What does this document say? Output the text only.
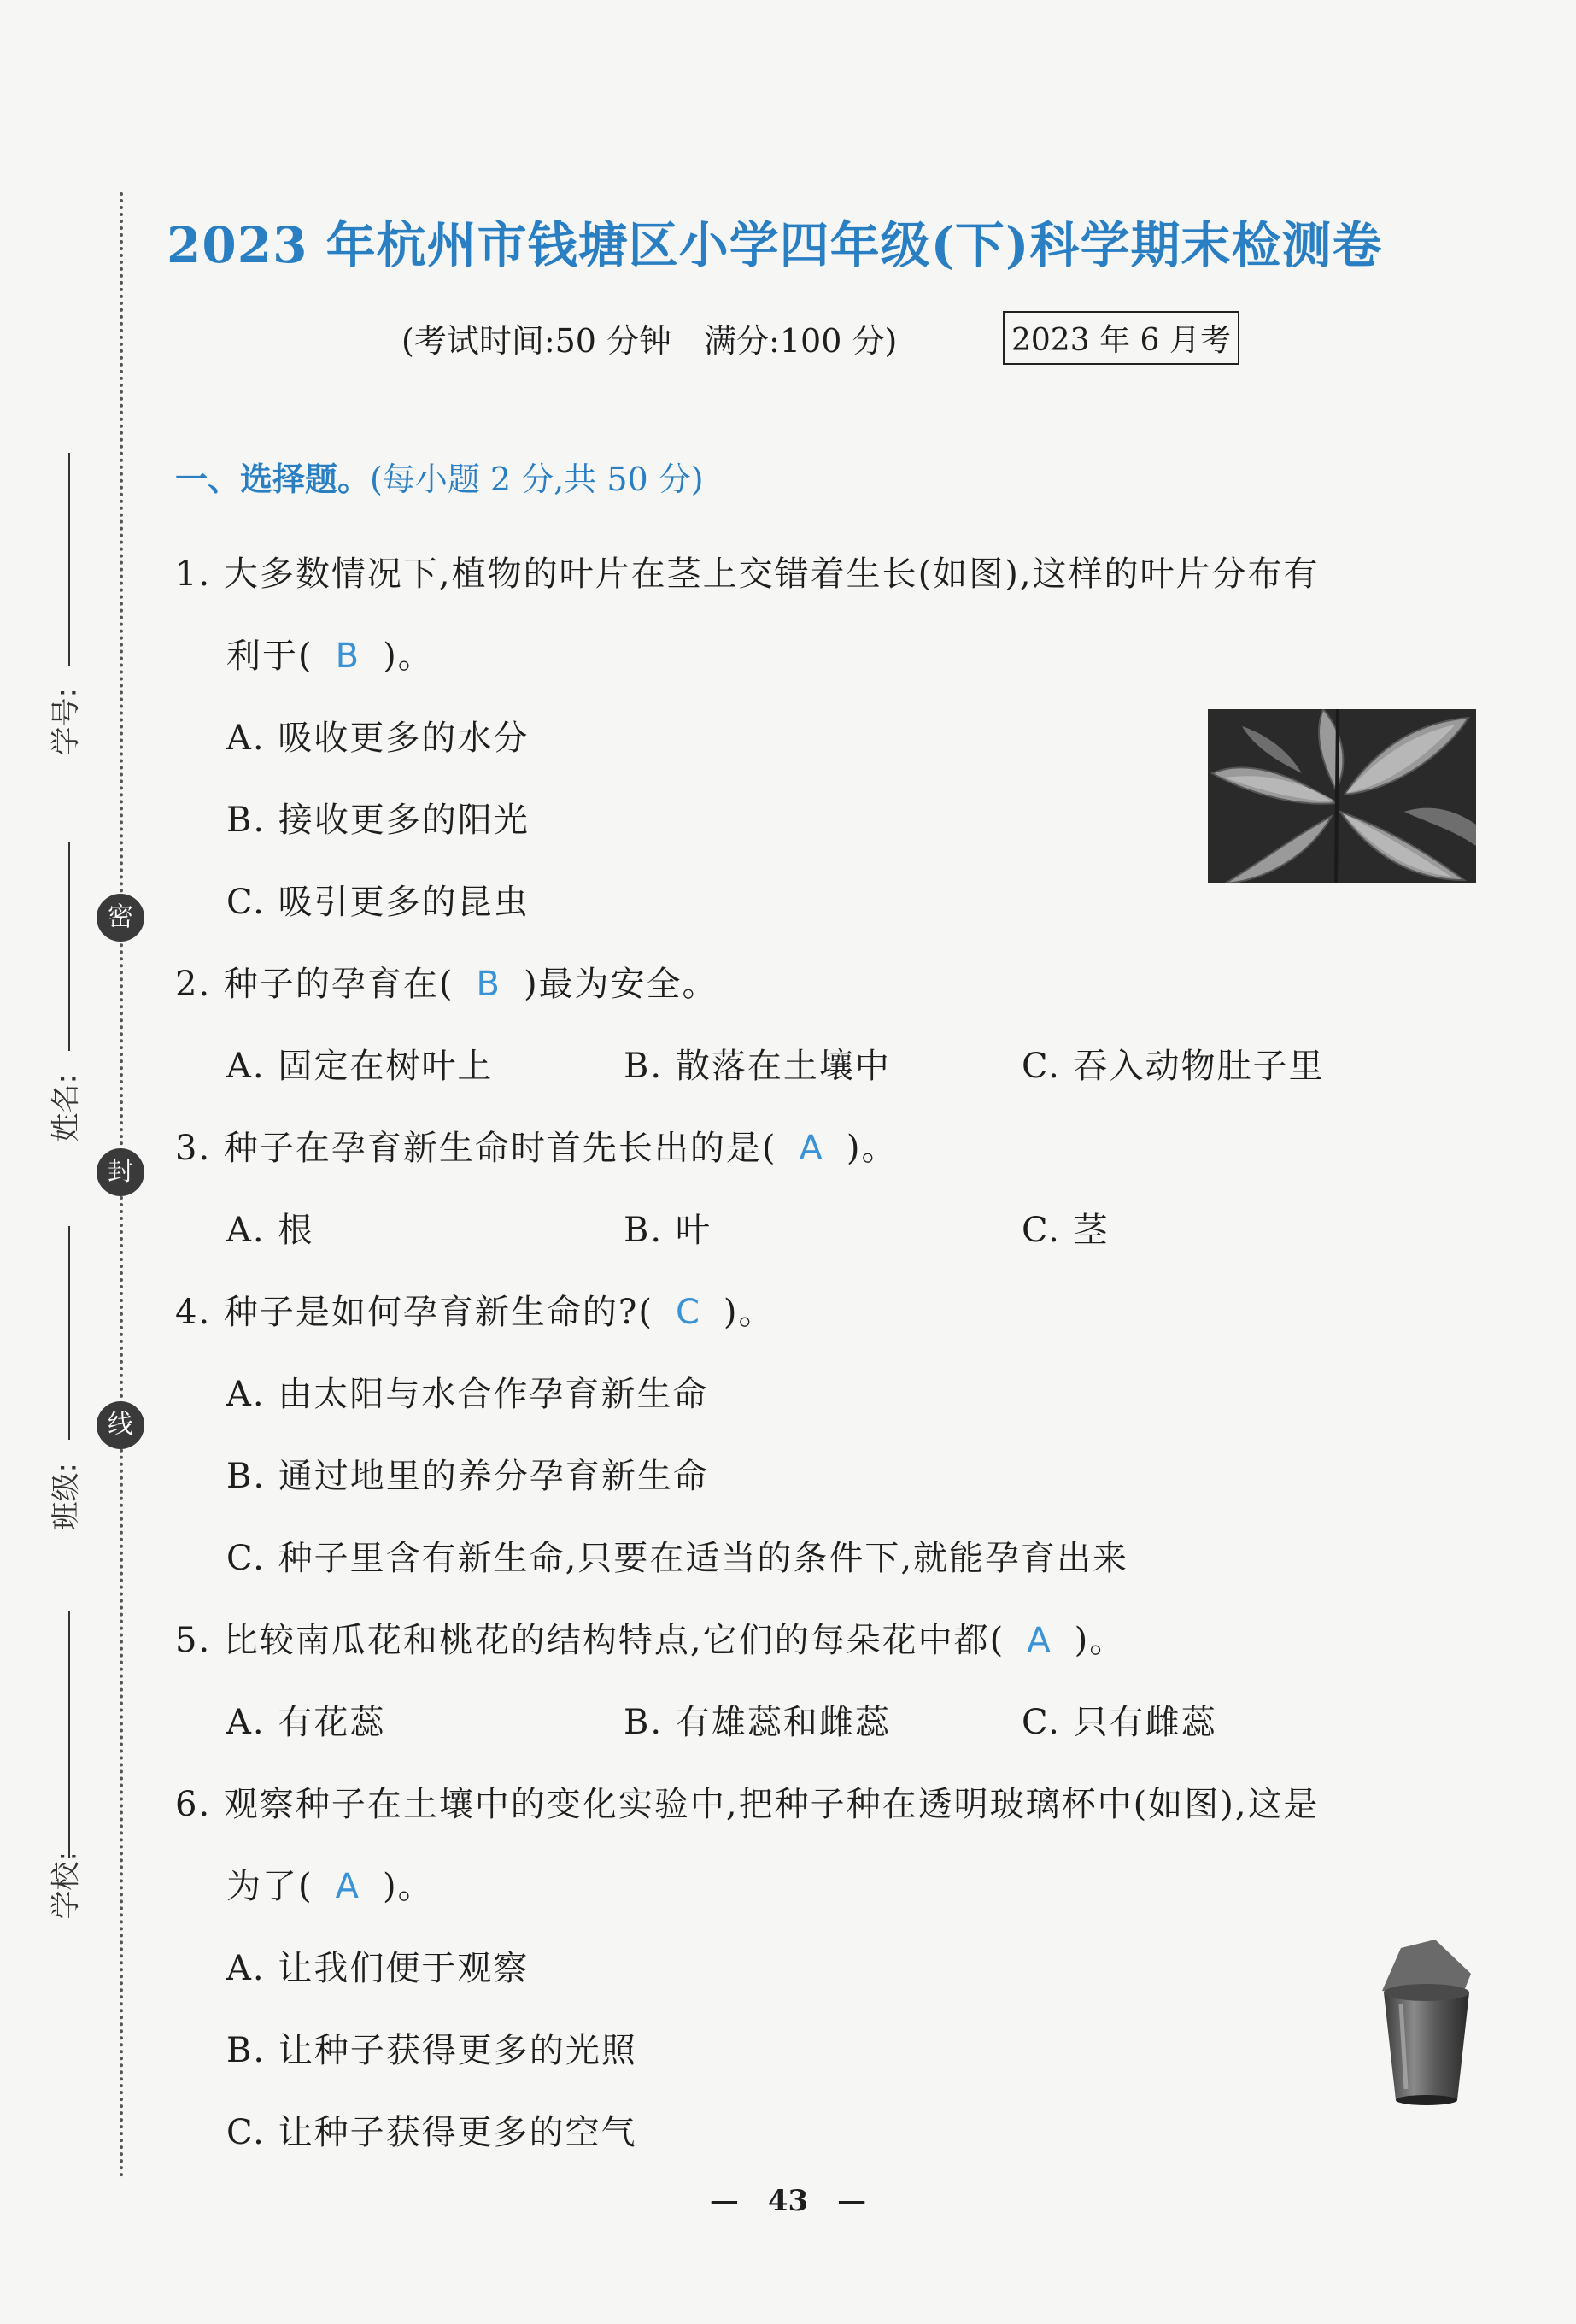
密
封
线
学号:
姓名:
班级:
学校:
2023 年杭州市钱塘区小学四年级(下)科学期末检测卷
(考试时间:50 分钟　满分:100 分)	2023 年 6 月考
一、选择题。(每小题 2 分,共 50 分)
1. 大多数情况下,植物的叶片在茎上交错着生长(如图),这样的叶片分布有
利于( B )。
A. 吸收更多的水分
B. 接收更多的阳光
C. 吸引更多的昆虫
2. 种子的孕育在( B )最为安全。
A. 固定在树叶上	B. 散落在土壤中	C. 吞入动物肚子里
3. 种子在孕育新生命时首先长出的是( A )。
A. 根	B. 叶	C. 茎
4. 种子是如何孕育新生命的?( C )。
A. 由太阳与水合作孕育新生命
B. 通过地里的养分孕育新生命
C. 种子里含有新生命,只要在适当的条件下,就能孕育出来
5. 比较南瓜花和桃花的结构特点,它们的每朵花中都( A )。
A. 有花蕊	B. 有雄蕊和雌蕊	C. 只有雌蕊
6. 观察种子在土壤中的变化实验中,把种子种在透明玻璃杯中(如图),这是
为了( A )。
A. 让我们便于观察
B. 让种子获得更多的光照
C. 让种子获得更多的空气
—　43　—
